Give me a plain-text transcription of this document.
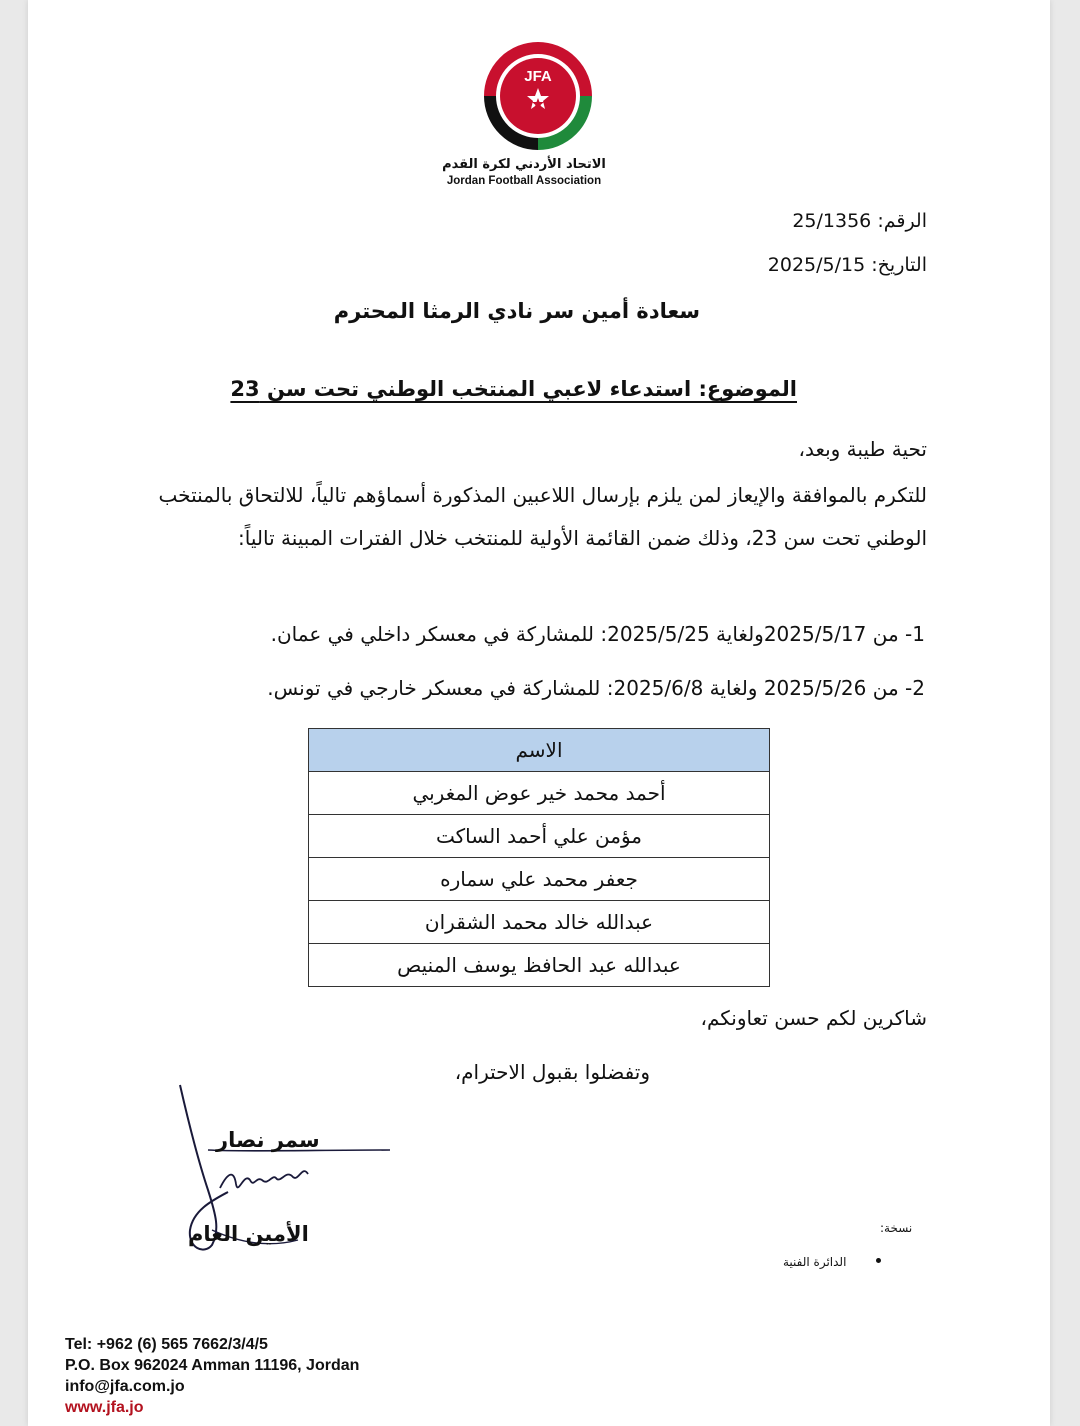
JFA
الاتحاد الأردني لكرة القدم
Jordan Football Association
الرقم: 25/1356
التاريخ: 2025/5/15
سعادة أمين سر نادي الرمثا المحترم
الموضوع: استدعاء لاعبي المنتخب الوطني تحت سن 23
تحية طيبة وبعد،
للتكرم بالموافقة والإيعاز لمن يلزم بإرسال اللاعبين المذكورة أسماؤهم تالياً، للالتحاق بالمنتخب الوطني تحت سن 23، وذلك ضمن القائمة الأولية للمنتخب خلال الفترات المبينة تالياً:
1- من 2025/5/17ولغاية 2025/5/25: للمشاركة في معسكر داخلي في عمان.
2- من 2025/5/26 ولغاية 2025/6/8: للمشاركة في معسكر خارجي في تونس.
الاسم
أحمد محمد خير عوض المغربي
مؤمن علي أحمد الساكت
جعفر محمد علي سماره
عبدالله خالد محمد الشقران
عبدالله عبد الحافظ يوسف المنيص
شاكرين لكم حسن تعاونكم،
وتفضلوا بقبول الاحترام،
سمر نصار
الأمين العام	نسخة:
الدائرة الفنية
Tel: +962 (6) 565 7662/3/4/5
P.O. Box 962024 Amman 11196, Jordan
info@jfa.com.jo
www.jfa.jo
